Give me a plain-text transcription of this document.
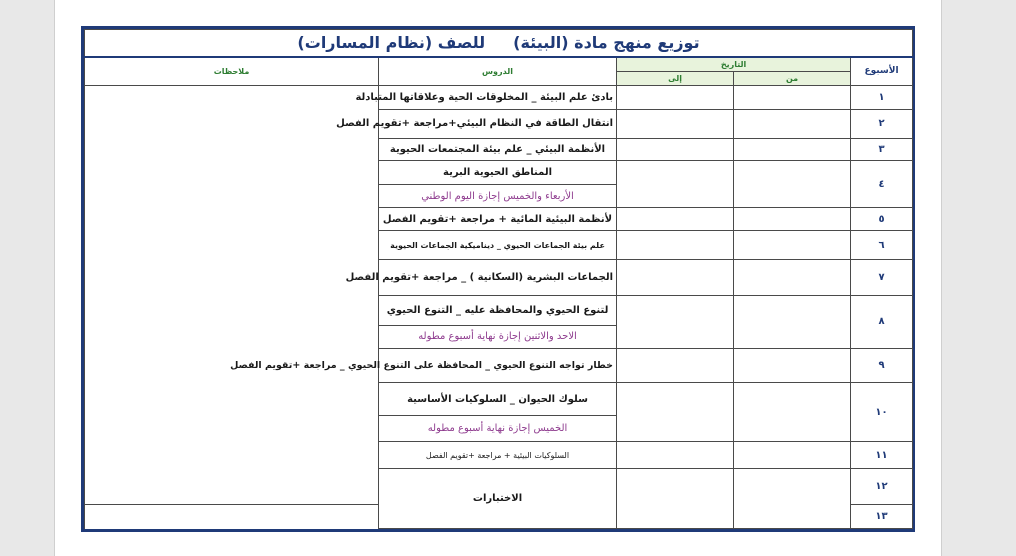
توزيع منهج مادة (البيئة)للصف (نظام المسارات)					
الأسبوع	التاريخ		الدروس	ملاحظات	
	من	إلى			
١			بادئ علم البيئة _ المخلوقات الحية وعلاقاتها المتبادلة		
٢			انتقال الطاقة في النظام البيئي+مراجعة +تقويم الفصل		
٣			الأنظمة البيئي _ علم بيئة المجتمعات الحيوية		
٤			المناطق الحيوية البرية		
			الأربعاء والخميس إجازة اليوم الوطني		
٥			لأنظمة البيئية المائية + مراجعة +تقويم الفصل		
٦			علم بيئة الجماعات الحيوي _ ديناميكية الجماعات الحيوية		
٧			الجماعات البشرية (السكانية ) _ مراجعة +تقويم الفصل		
٨			لتنوع الحيوي والمحافظة عليه _ التنوع الحيوي		
			الاحد والاثنين إجازة نهاية أسبوع مطوله		
٩			خطار تواجه التنوع الحيوي _ المحافظة على التنوع الحيوي _ مراجعة +تقويم الفصل		
١٠			سلوك الحيوان _ السلوكيات الأساسية		
			الخميس إجازة نهاية أسبوع مطوله		
١١			السلوكيات البيئية + مراجعة +تقويم الفصل		
١٢			الاختبارات		
١٣					
